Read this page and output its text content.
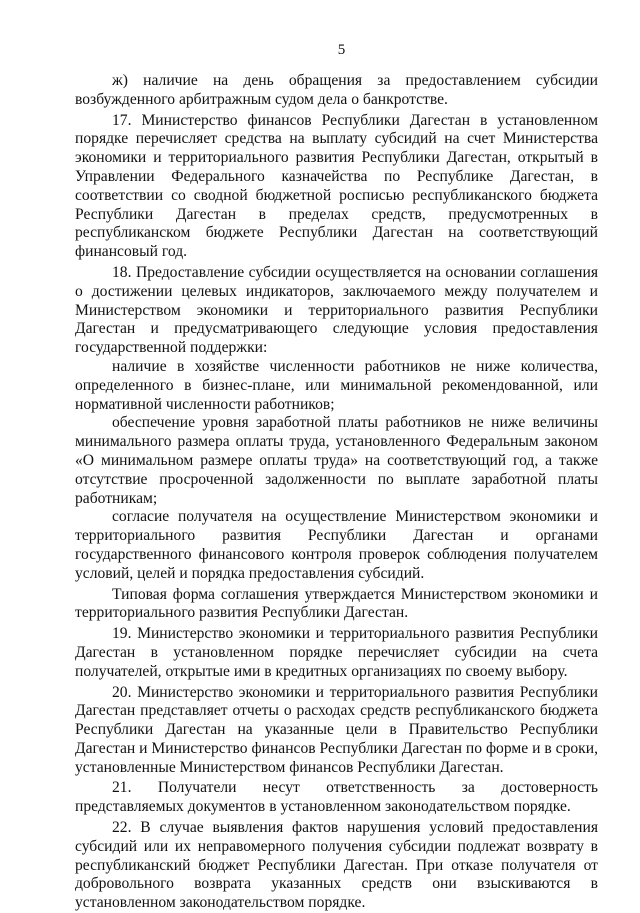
5

ж) наличие на день обращения за предоставлением субсидии возбужденного арбитражным судом дела о банкротстве.

17. Министерство финансов Республики Дагестан в установленном порядке перечисляет средства на выплату субсидий на счет Министерства экономики и территориального развития Республики Дагестан, открытый в Управлении Федерального казначейства по Республике Дагестан, в соответствии со сводной бюджетной росписью республиканского бюджета Республики Дагестан в пределах средств, предусмотренных в республиканском бюджете Республики Дагестан на соответствующий финансовый год.

18. Предоставление субсидии осуществляется на основании соглашения о достижении целевых индикаторов, заключаемого между получателем и Министерством экономики и территориального развития Республики Дагестан и предусматривающего следующие условия предоставления государственной поддержки:

наличие в хозяйстве численности работников не ниже количества, определенного в бизнес-плане, или минимальной рекомендованной, или нормативной численности работников;

обеспечение уровня заработной платы работников не ниже величины минимального размера оплаты труда, установленного Федеральным законом «О минимальном размере оплаты труда» на соответствующий год, а также отсутствие просроченной задолженности по выплате заработной платы работникам;

согласие получателя на осуществление Министерством экономики и территориального развития Республики Дагестан и органами государственного финансового контроля проверок соблюдения получателем условий, целей и порядка предоставления субсидий.

Типовая форма соглашения утверждается Министерством экономики и территориального развития Республики Дагестан.

19. Министерство экономики и территориального развития Республики Дагестан в установленном порядке перечисляет субсидии на счета получателей, открытые ими в кредитных организациях по своему выбору.

20. Министерство экономики и территориального развития Республики Дагестан представляет отчеты о расходах средств республиканского бюджета Республики Дагестан на указанные цели в Правительство Республики Дагестан и Министерство финансов Республики Дагестан по форме и в сроки, установленные Министерством финансов Республики Дагестан.

21. Получатели несут ответственность за достоверность представляемых документов в установленном законодательством порядке.

22. В случае выявления фактов нарушения условий предоставления субсидий или их неправомерного получения субсидии подлежат возврату в республиканский бюджет Республики Дагестан. При отказе получателя от добровольного возврата указанных средств они взыскиваются в установленном законодательством порядке.
